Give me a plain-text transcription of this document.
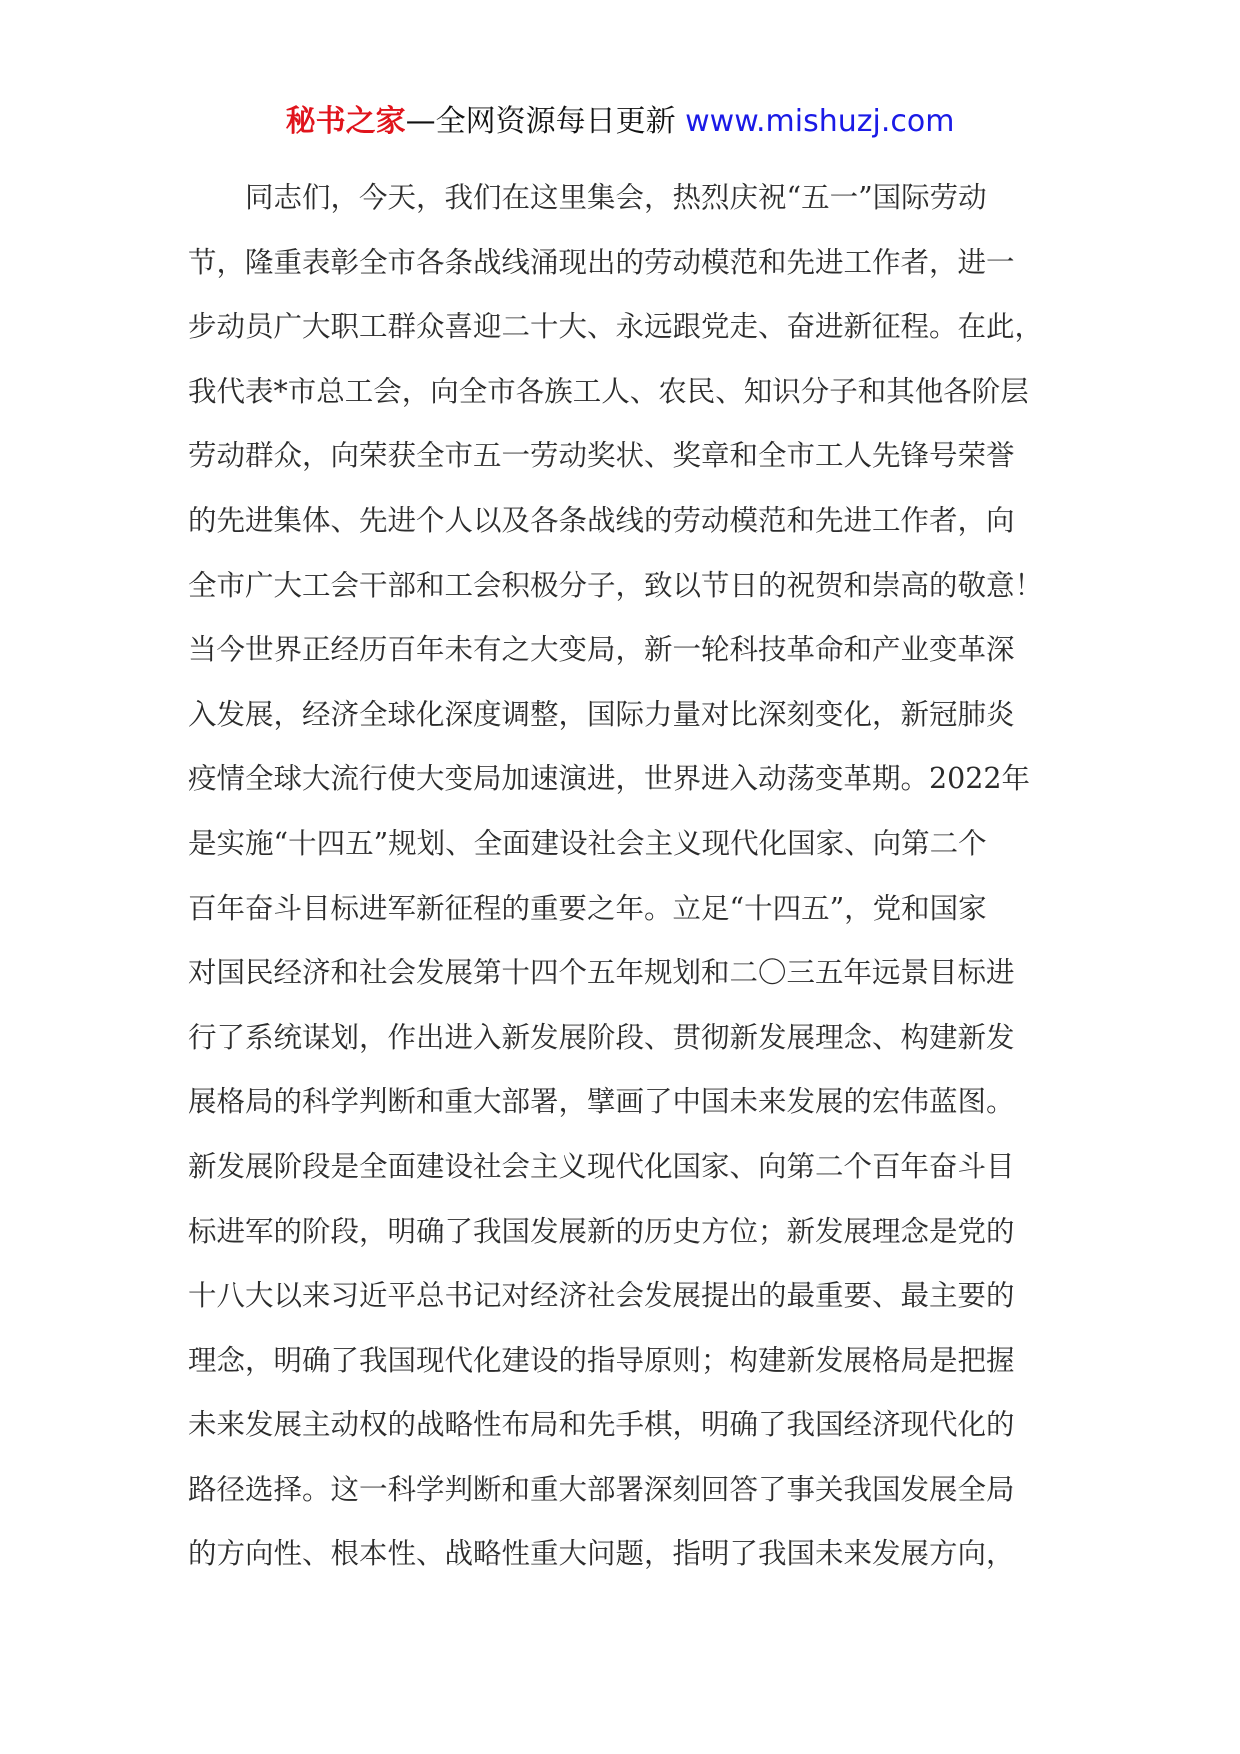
秘书之家—全网资源每日更新 www.mishuzj.com
同志们，今天，我们在这里集会，热烈庆祝“五一”国际劳动
节，隆重表彰全市各条战线涌现出的劳动模范和先进工作者，进一
步动员广大职工群众喜迎二十大、永远跟党走、奋进新征程。在此，
我代表*市总工会，向全市各族工人、农民、知识分子和其他各阶层
劳动群众，向荣获全市五一劳动奖状、奖章和全市工人先锋号荣誉
的先进集体、先进个人以及各条战线的劳动模范和先进工作者，向
全市广大工会干部和工会积极分子，致以节日的祝贺和崇高的敬意！
当今世界正经历百年未有之大变局，新一轮科技革命和产业变革深
入发展，经济全球化深度调整，国际力量对比深刻变化，新冠肺炎
疫情全球大流行使大变局加速演进，世界进入动荡变革期。2022年
是实施“十四五”规划、全面建设社会主义现代化国家、向第二个
百年奋斗目标进军新征程的重要之年。立足“十四五”，党和国家
对国民经济和社会发展第十四个五年规划和二〇三五年远景目标进
行了系统谋划，作出进入新发展阶段、贯彻新发展理念、构建新发
展格局的科学判断和重大部署，擘画了中国未来发展的宏伟蓝图。
新发展阶段是全面建设社会主义现代化国家、向第二个百年奋斗目
标进军的阶段，明确了我国发展新的历史方位；新发展理念是党的
十八大以来习近平总书记对经济社会发展提出的最重要、最主要的
理念，明确了我国现代化建设的指导原则；构建新发展格局是把握
未来发展主动权的战略性布局和先手棋，明确了我国经济现代化的
路径选择。这一科学判断和重大部署深刻回答了事关我国发展全局
的方向性、根本性、战略性重大问题，指明了我国未来发展方向，
